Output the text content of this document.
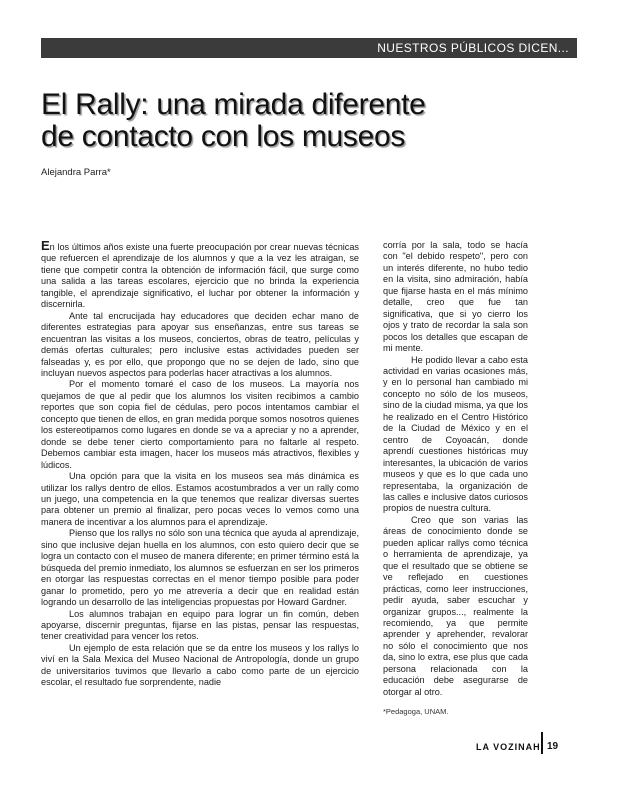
NUESTROS PÚBLICOS DICEN...
El Rally: una mirada diferente
de contacto con los museos
Alejandra Parra*

En los últimos años existe una fuerte preocupación por crear nuevas técnicas que refuercen el aprendizaje de los alumnos y que a la vez les atraigan, se tiene que competir contra la obtención de información fácil, que surge como una salida a las tareas escolares, ejercicio que no brinda la experiencia tangible, el aprendizaje significativo, el luchar por obtener la información y discernirla.

Ante tal encrucijada hay educadores que deciden echar mano de diferentes estrategias para apoyar sus enseñanzas, entre sus tareas se encuentran las visitas a los museos, conciertos, obras de teatro, películas y demás ofertas culturales; pero inclusive estas actividades pueden ser falseadas y, es por ello, que propongo que no se dejen de lado, sino que incluyan nuevos aspectos para poderlas hacer atractivas a los alumnos.

Por el momento tomaré el caso de los museos. La mayoría nos quejamos de que al pedir que los alumnos los visiten recibimos a cambio reportes que son copia fiel de cédulas, pero pocos intentamos cambiar el concepto que tienen de ellos, en gran medida porque somos nosotros quienes los estereotipamos como lugares en donde se va a apreciar y no a aprender, donde se debe tener cierto comportamiento para no faltarle al respeto. Debemos cambiar esta imagen, hacer los museos más atractivos, flexibles y lúdicos.

Una opción para que la visita en los museos sea más dinámica es utilizar los rallys dentro de ellos. Estamos acostumbrados a ver un rally como un juego, una competencia en la que tenemos que realizar diversas suertes para obtener un premio al finalizar, pero pocas veces lo vemos como una manera de incentivar a los alumnos para el aprendizaje.

Pienso que los rallys no sólo son una técnica que ayuda al aprendizaje, sino que inclusive dejan huella en los alumnos, con esto quiero decir que se logra un contacto con el museo de manera diferente; en primer término está la búsqueda del premio inmediato, los alumnos se esfuerzan en ser los primeros en otorgar las respuestas correctas en el menor tiempo posible para poder ganar lo prometido, pero yo me atrevería a decir que en realidad están logrando un desarrollo de las inteligencias propuestas por Howard Gardner.

Los alumnos trabajan en equipo para lograr un fin común, deben apoyarse, discernir preguntas, fijarse en las pistas, pensar las respuestas, tener creatividad para vencer los retos.

Un ejemplo de esta relación que se da entre los museos y los rallys lo viví en la Sala Mexica del Museo Nacional de Antropología, donde un grupo de universitarios tuvimos que llevarlo a cabo como parte de un ejercicio escolar, el resultado fue sorprendente, nadie

corría por la sala, todo se hacía con "el debido respeto", pero con un interés diferente, no hubo tedio en la visita, sino admiración, había que fijarse hasta en el más mínimo detalle, creo que fue tan significativa, que si yo cierro los ojos y trato de recordar la sala son pocos los detalles que escapan de mi mente.

He podido llevar a cabo esta actividad en varias ocasiones más, y en lo personal han cambiado mi concepto no sólo de los museos, sino de la ciudad misma, ya que los he realizado en el Centro Histórico de la Ciudad de México y en el centro de Coyoacán, donde aprendí cuestiones históricas muy interesantes, la ubicación de varios museos y que es lo que cada uno representaba, la organización de las calles e inclusive datos curiosos propios de nuestra cultura.

Creo que son varias las áreas de conocimiento donde se pueden aplicar rallys como técnica o herramienta de aprendizaje, ya que el resultado que se obtiene se ve reflejado en cuestiones prácticas, como leer instrucciones, pedir ayuda, saber escuchar y organizar grupos..., realmente la recomiendo, ya que permite aprender y aprehender, revalorar no sólo el conocimiento que nos da, sino lo extra, ese plus que cada persona relacionada con la educación debe asegurarse de otorgar al otro.

*Pedagoga, UNAM.
LA VOZINAH 19
